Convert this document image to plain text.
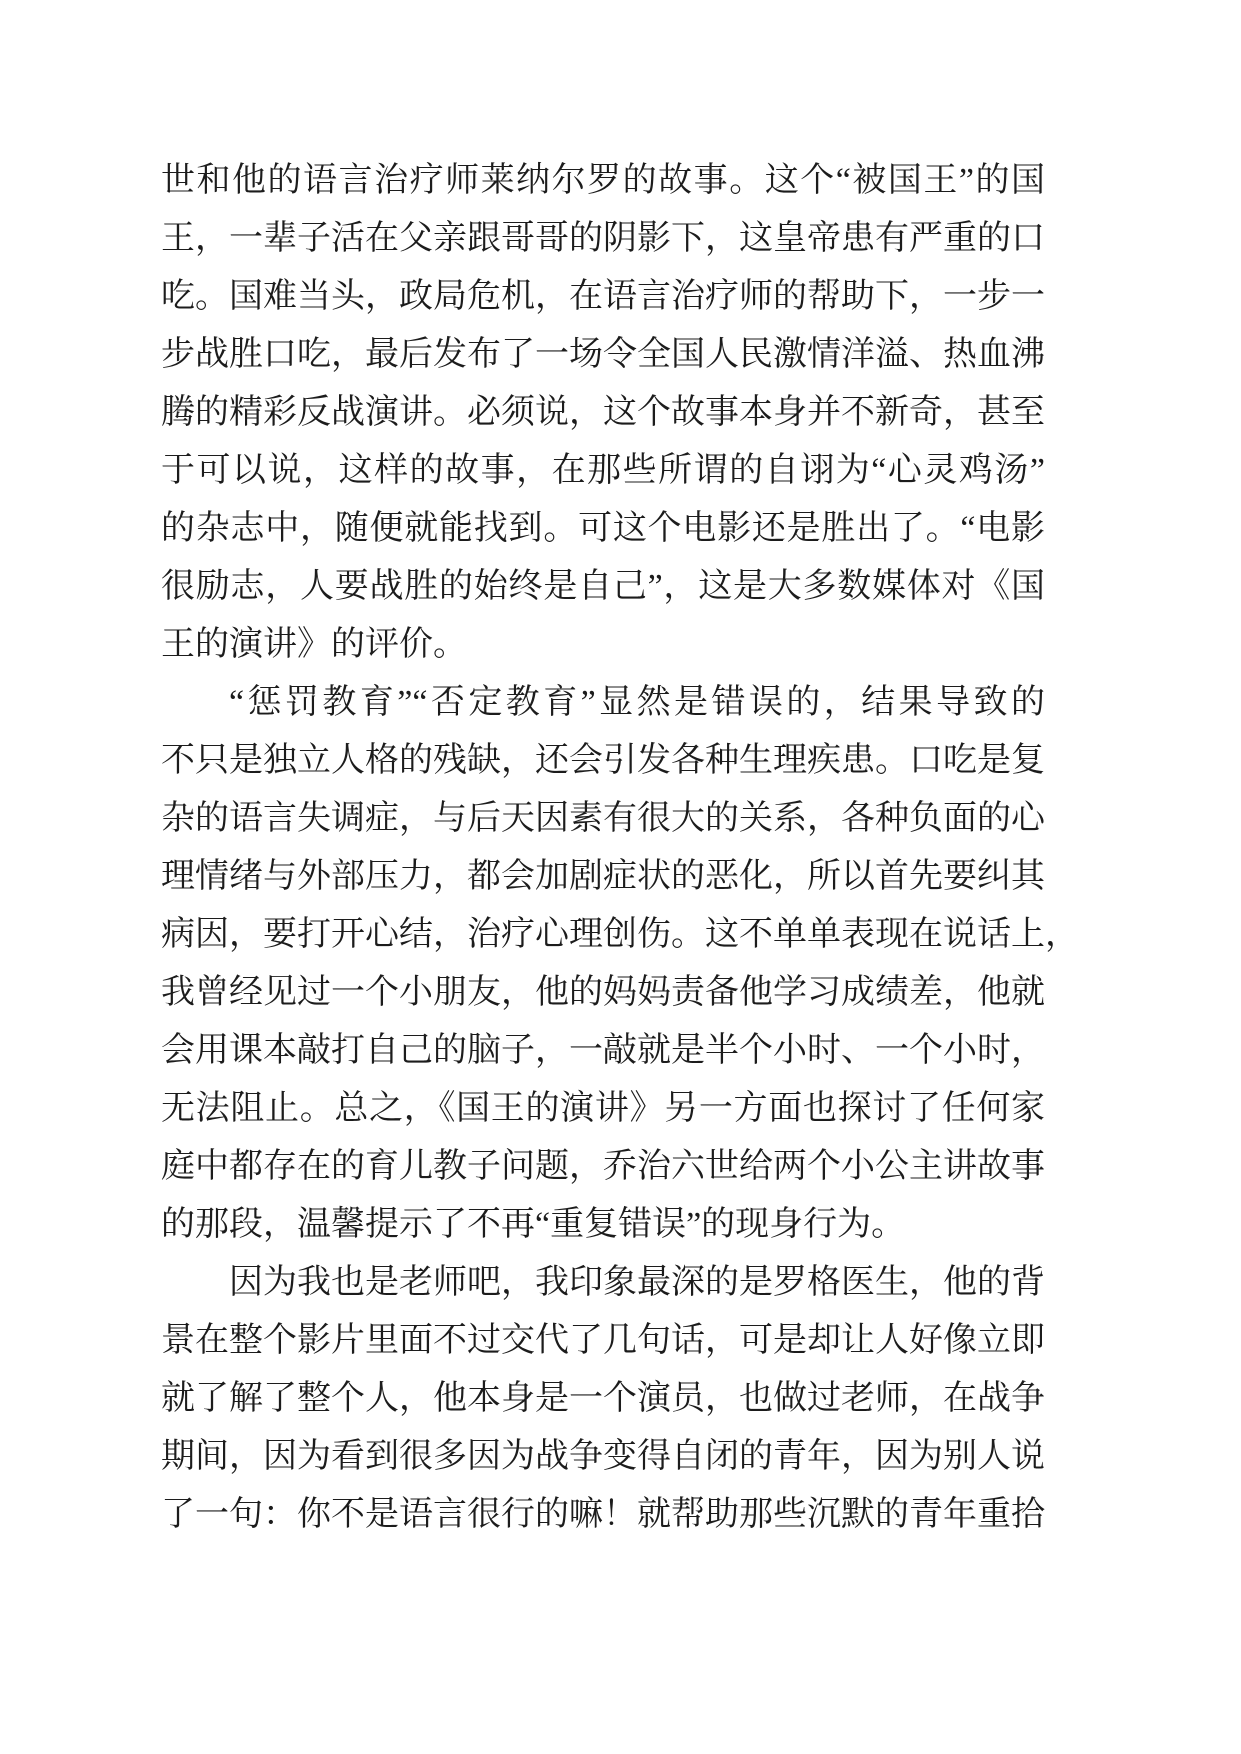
世和他的语言治疗师莱纳尔罗的故事。这个“被国王”的国

王，一辈子活在父亲跟哥哥的阴影下，这皇帝患有严重的口

吃。国难当头，政局危机，在语言治疗师的帮助下，一步一

步战胜口吃，最后发布了一场令全国人民激情洋溢、热血沸

腾的精彩反战演讲。必须说，这个故事本身并不新奇，甚至

于可以说，这样的故事，在那些所谓的自诩为“心灵鸡汤”

的杂志中，随便就能找到。可这个电影还是胜出了。“电影

很励志，人要战胜的始终是自己”，这是大多数媒体对《国

王的演讲》的评价。

“惩罚教育”“否定教育”显然是错误的，结果导致的

不只是独立人格的残缺，还会引发各种生理疾患。口吃是复

杂的语言失调症，与后天因素有很大的关系，各种负面的心

理情绪与外部压力，都会加剧症状的恶化，所以首先要纠其

病因，要打开心结，治疗心理创伤。这不单单表现在说话上，

我曾经见过一个小朋友，他的妈妈责备他学习成绩差，他就

会用课本敲打自己的脑子，一敲就是半个小时、一个小时，

无法阻止。总之，《国王的演讲》另一方面也探讨了任何家

庭中都存在的育儿教子问题，乔治六世给两个小公主讲故事

的那段，温馨提示了不再“重复错误”的现身行为。

因为我也是老师吧，我印象最深的是罗格医生，他的背

景在整个影片里面不过交代了几句话，可是却让人好像立即

就了解了整个人，他本身是一个演员，也做过老师，在战争

期间，因为看到很多因为战争变得自闭的青年，因为别人说

了一句：你不是语言很行的嘛！就帮助那些沉默的青年重拾
